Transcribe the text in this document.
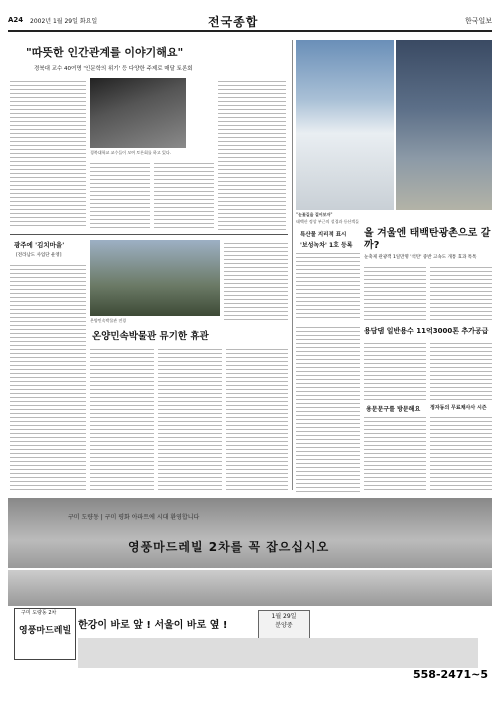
A24 2002년 1월 29일 화요일	전국종합	한국일보
"따뜻한 인간관계를 이야기해요"
경북대 교수 40여명 '인문학의 위기' 등 다양한 주제로 매달 토론회
경북대학교 교수들이 모여 토론회를 하고 있다.
광주에 '김치마을'
[전라남도 사업단 운영]
온양민속박물관 전경
온양민속박물관 뮤기한 휴관
"눈꽃길을 걸어보자"
태백산 정상 부근의 설경과 등산객들
특산물 지리적 표시
'보성녹차' 1호 등록
올 겨울엔 태백탄광촌으로 갈까?
눈축제 관광객 1일만명 '석탄' 중반 고속도 개통 효과 톡톡
용담댐 일반용수 11억3000톤 추가공급
용문문구를 방문해요	정자동의 무료채사사 시즌
구미 도량동 | 구미 평화 아파트에 시대 환영합니다
영풍마드레빌 2차를 꼭 잡으십시오
구미 도량동 2차
영풍마드레빌 한강이 바로 앞 ! 서울이 바로 옆 !
1월 29일
분양중
558-2471~5
